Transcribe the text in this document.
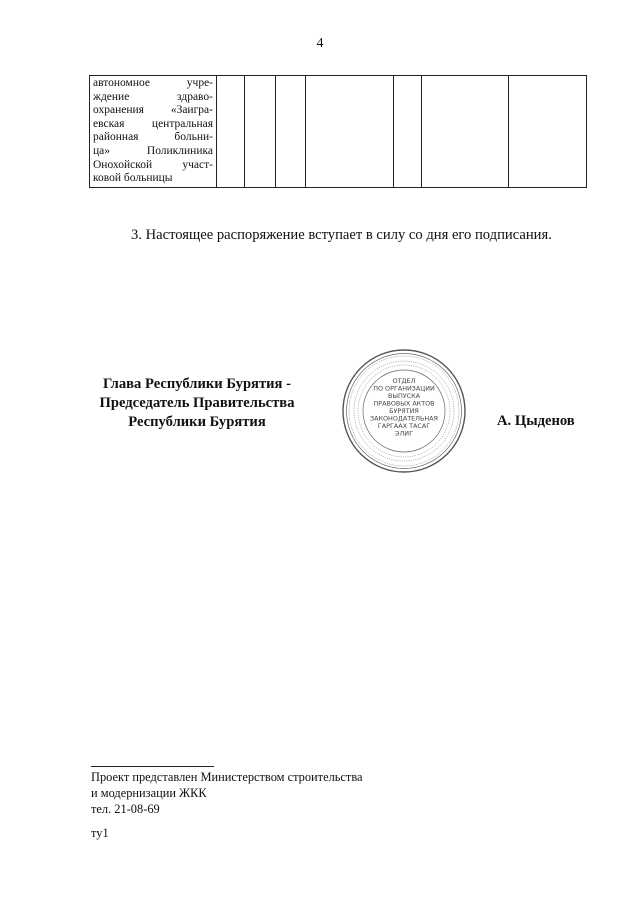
4
автономное учре-
ждение здраво-
охранения «Заигра-
евская центральная
районная больни-
ца» Поликлиника
Онохойской участ-
ковой больницы

3. Настоящее распоряжение вступает в силу со дня его подписания.
Глава Республики Бурятия -
Председатель Правительства
Республики Бурятия
ОТДЕЛ
ПО ОРГАНИЗАЦИИ
ВЫПУСКА
ПРАВОВЫХ АКТОВ
БУРЯТИЯ
ЗАКОНОДАТЕЛЬНАЯ
ГАРГААХ ТАСАГ
ЭЛИГ
А. Цыденов
Проект представлен Министерством строительства
и модернизации ЖКК
тел. 21-08-69
ту1
